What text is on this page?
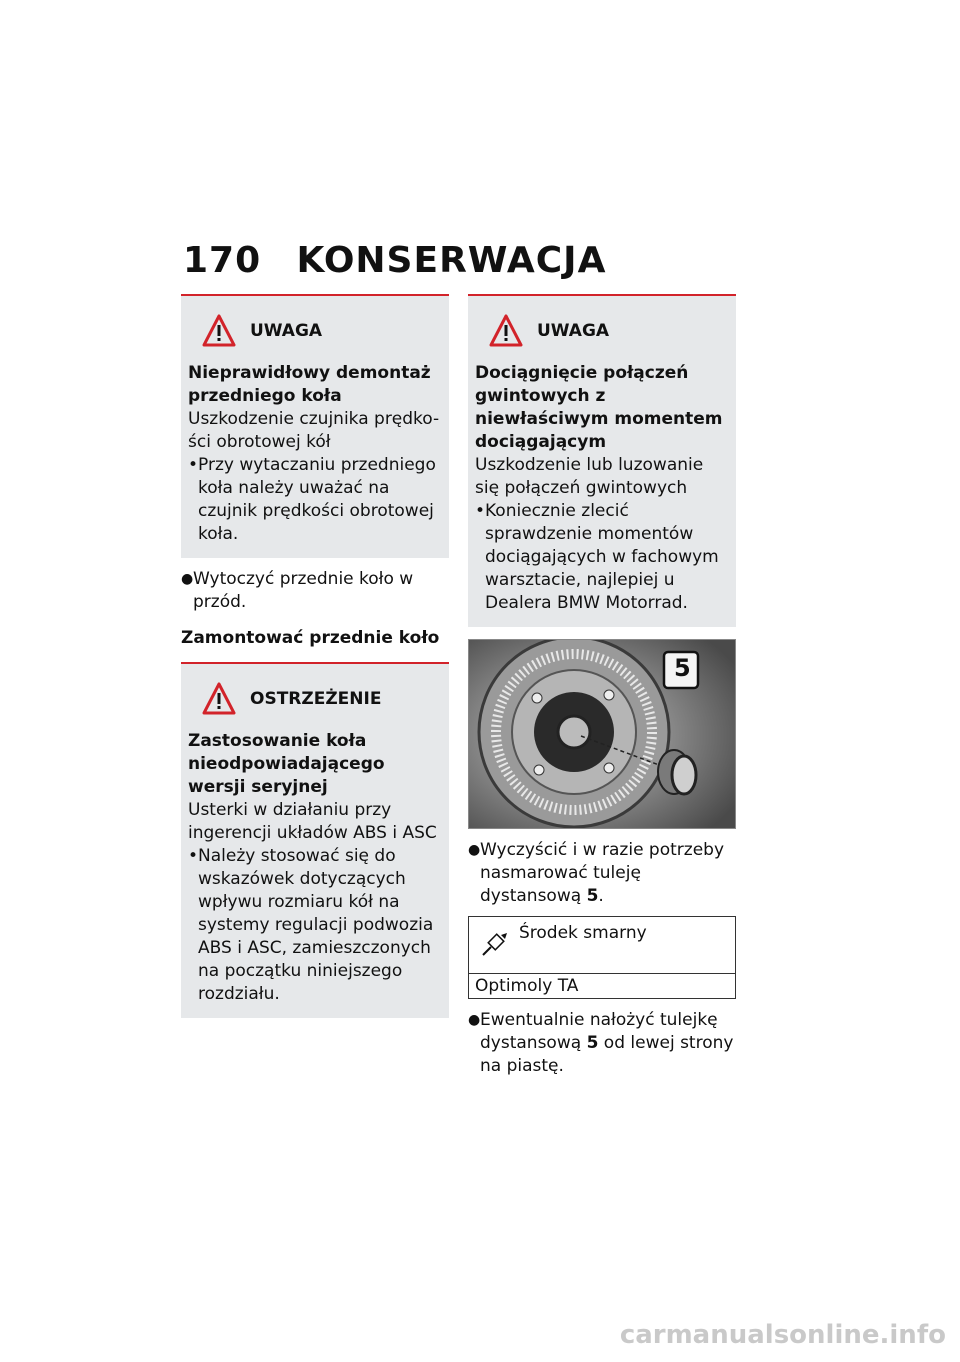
170 KONSERWACJA
UWAGA
Nieprawidłowy demontaż przedniego koła
Uszkodzenie czujnika prędko-ści obrotowej kół
• Przy wytaczaniu przedniego koła należy uważać na czujnik prędkości obrotowej koła.
● Wytoczyć przednie koło w przód.
Zamontować przednie koło
OSTRZEŻENIE
Zastosowanie koła nieodpowiadającego wersji seryjnej
Usterki w działaniu przy ingerencji układów ABS i ASC
• Należy stosować się do wskazówek dotyczących wpływu rozmiaru kół na systemy regulacji podwozia ABS i ASC, zamieszczonych na początku niniejszego rozdziału.
UWAGA
Dociągnięcie połączeń gwintowych z niewłaściwym momentem dociągającym
Uszkodzenie lub luzowanie się połączeń gwintowych
• Koniecznie zlecić sprawdzenie momentów dociągających w fachowym warsztacie, najlepiej u Dealera BMW Motorrad.
5
● Wyczyścić i w razie potrzeby nasmarować tuleję dystansową 5.
Środek smarny
Optimoly TA
● Ewentualnie nałożyć tulejkę dystansową 5 od lewej strony na piastę.
carmanualsonline.info
